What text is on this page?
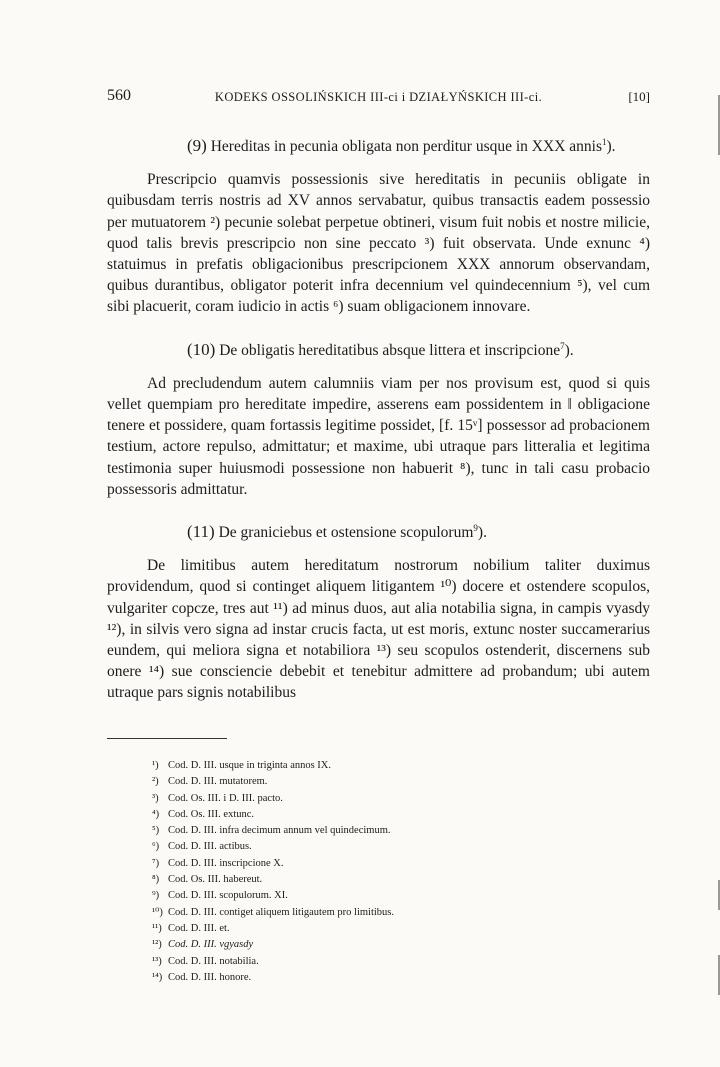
560	KODEKS OSSOLIŃSKICH III-ci i DZIAŁYŃSKICH III-ci.	[10]

(9) Hereditas in pecunia obligata non perditur usque in XXX annis$^1$).

Prescripcio quamvis possessionis sive hereditatis in pecuniis obligate in quibusdam terris nostris ad XV annos servabatur, quibus transactis eadem possessio per mutuatorem ²) pecunie solebat perpetue obtineri, visum fuit nobis et nostre milicie, quod talis brevis prescripcio non sine peccato ³) fuit observata. Unde exnunc ⁴) statuimus in prefatis obligacionibus prescripcionem XXX annorum observandam, quibus durantibus, obligator poterit infra decennium vel quindecennium ⁵), vel cum sibi placuerit, coram iudicio in actis ⁶) suam obligacionem innovare.

(10) De obligatis hereditatibus absque littera et inscripcione$^7$).

Ad precludendum autem calumniis viam per nos provisum est, quod si quis vellet quempiam pro hereditate impedire, asserens eam possidentem in ‖ obligacione tenere et possidere, quam fortassis legitime possidet, [f. 15ᵛ] possessor ad probacionem testium, actore repulso, admittatur; et maxime, ubi utraque pars litteralia et legitima testimonia super huiusmodi possessione non habuerit ⁸), tunc in tali casu probacio possessoris admittatur.

(11) De graniciebus et ostensione scopulorum$^9$).

De limitibus autem hereditatum nostrorum nobilium taliter duximus providendum, quod si continget aliquem litigantem ¹⁰) docere et ostendere scopulos, vulgariter copcze, tres aut ¹¹) ad minus duos, aut alia notabilia signa, in campis vyasdy ¹²), in silvis vero signa ad instar crucis facta, ut est moris, extunc noster succamerarius eundem, qui meliora signa et notabiliora ¹³) seu scopulos ostenderit, discernens sub onere ¹⁴) sue consciencie debebit et tenebitur admittere ad probandum; ubi autem utraque pars signis notabilibus

¹) Cod. D. III. usque in triginta annos IX.
²) Cod. D. III. mutatorem.
³) Cod. Os. III. i D. III. pacto.
⁴) Cod. Os. III. extunc.
⁵) Cod. D. III. infra decimum annum vel quindecimum.
⁶) Cod. D. III. actibus.
⁷) Cod. D. III. inscripcione X.
⁸) Cod. Os. III. habereut.
⁹) Cod. D. III. scopulorum. XI.
¹⁰) Cod. D. III. contiget aliquem litigautem pro limitibus.
¹¹) Cod. D. III. et.
¹²) Cod. D. III. vgyasdy
¹³) Cod. D. III. notabilia.
¹⁴) Cod. D. III. honore.
